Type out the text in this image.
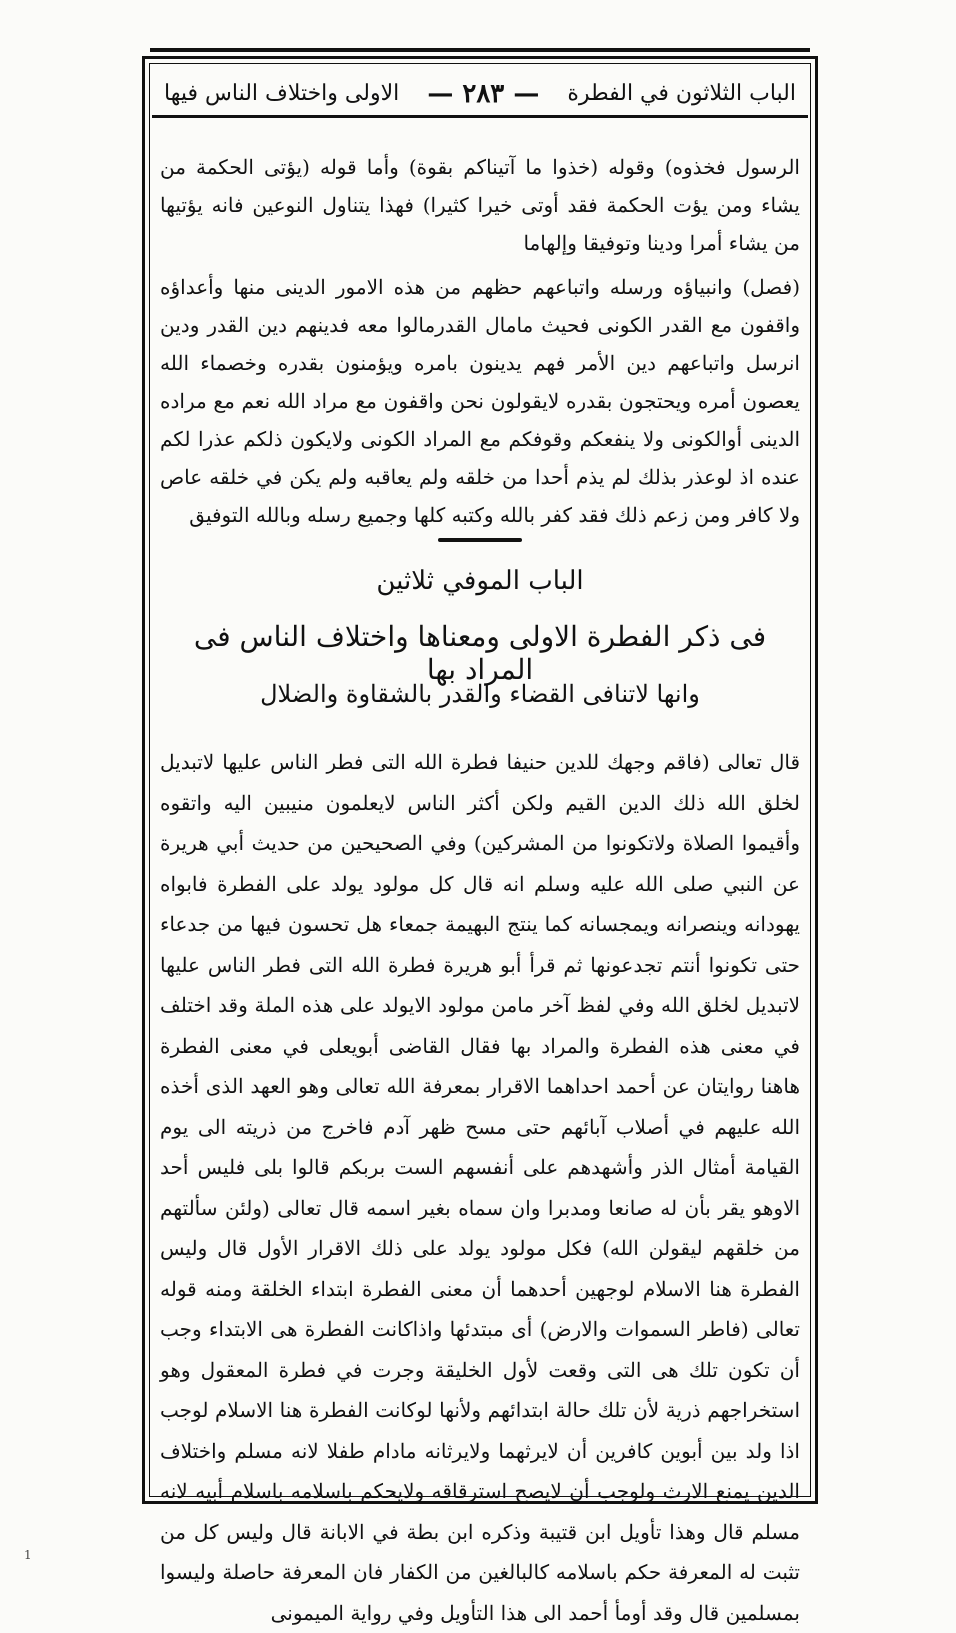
الباب الثلاثون في الفطرة
— ٢٨٣ —
الاولى واختلاف الناس فيها

الرسول فخذوه) وقوله (خذوا ما آتيناكم بقوة) وأما قوله (يؤتى الحكمة من يشاء ومن يؤت الحكمة فقد أوتى خيرا كثيرا) فهذا يتناول النوعين فانه يؤتيها من يشاء أمرا ودينا وتوفيقا وإلهاما

(فصل) وانبياؤه ورسله واتباعهم حظهم من هذه الامور الدينى منها وأعداؤه واقفون مع القدر الكونى فحيث مامال القدرمالوا معه فدينهم دين القدر ودين انرسل واتباعهم دين الأمر فهم يدينون بامره ويؤمنون بقدره وخصماء الله يعصون أمره ويحتجون بقدره لايقولون نحن واقفون مع مراد الله نعم مع مراده الدينى أوالكونى ولا ينفعكم وقوفكم مع المراد الكونى ولايكون ذلكم عذرا لكم عنده اذ لوعذر بذلك لم يذم أحدا من خلقه ولم يعاقبه ولم يكن في خلقه عاص ولا كافر ومن زعم ذلك فقد كفر بالله وكتبه كلها وجميع رسله وبالله التوفيق

الباب الموفي ثلاثين
فى ذكر الفطرة الاولى ومعناها واختلاف الناس فى المراد بها
وانها لاتنافى القضاء والقدر بالشقاوة والضلال

قال تعالى (فاقم وجهك للدين حنيفا فطرة الله التى فطر الناس عليها لاتبديل لخلق الله ذلك الدين القيم ولكن أكثر الناس لايعلمون منيبين اليه واتقوه وأقيموا الصلاة ولاتكونوا من المشركين) وفي الصحيحين من حديث أبي هريرة عن النبي صلى الله عليه وسلم انه قال كل مولود يولد على الفطرة فابواه يهودانه وينصرانه ويمجسانه كما ينتج البهيمة جمعاء هل تحسون فيها من جدعاء حتى تكونوا أنتم تجدعونها ثم قرأ أبو هريرة فطرة الله التى فطر الناس عليها لاتبديل لخلق الله وفي لفظ آخر مامن مولود الايولد على هذه الملة وقد اختلف في معنى هذه الفطرة والمراد بها فقال القاضى أبويعلى في معنى الفطرة هاهنا روايتان عن أحمد احداهما الاقرار بمعرفة الله تعالى وهو العهد الذى أخذه الله عليهم في أصلاب آبائهم حتى مسح ظهر آدم فاخرج من ذريته الى يوم القيامة أمثال الذر وأشهدهم على أنفسهم الست بربكم قالوا بلى فليس أحد الاوهو يقر بأن له صانعا ومدبرا وان سماه بغير اسمه قال تعالى (ولئن سألتهم من خلقهم ليقولن الله) فكل مولود يولد على ذلك الاقرار الأول قال وليس الفطرة هنا الاسلام لوجهين أحدهما أن معنى الفطرة ابتداء الخلقة ومنه قوله تعالى (فاطر السموات والارض) أى مبتدئها واذاكانت الفطرة هى الابتداء وجب أن تكون تلك هى التى وقعت لأول الخليقة وجرت في فطرة المعقول وهو استخراجهم ذرية لأن تلك حالة ابتدائهم ولأنها لوكانت الفطرة هنا الاسلام لوجب اذا ولد بين أبوين كافرين أن لايرثهما ولايرثانه مادام طفلا لانه مسلم واختلاف الدين يمنع الارث ولوجب أن لايصح استرقاقه ولايحكم باسلامه باسلام أبيه لانه مسلم قال وهذا تأويل ابن قتيبة وذكره ابن بطة في الابانة قال وليس كل من تثبت له المعرفة حكم باسلامه كالبالغين من الكفار فان المعرفة حاصلة وليسوا بمسلمين قال وقد أومأ أحمد الى هذا التأويل وفي رواية الميمونى

1
